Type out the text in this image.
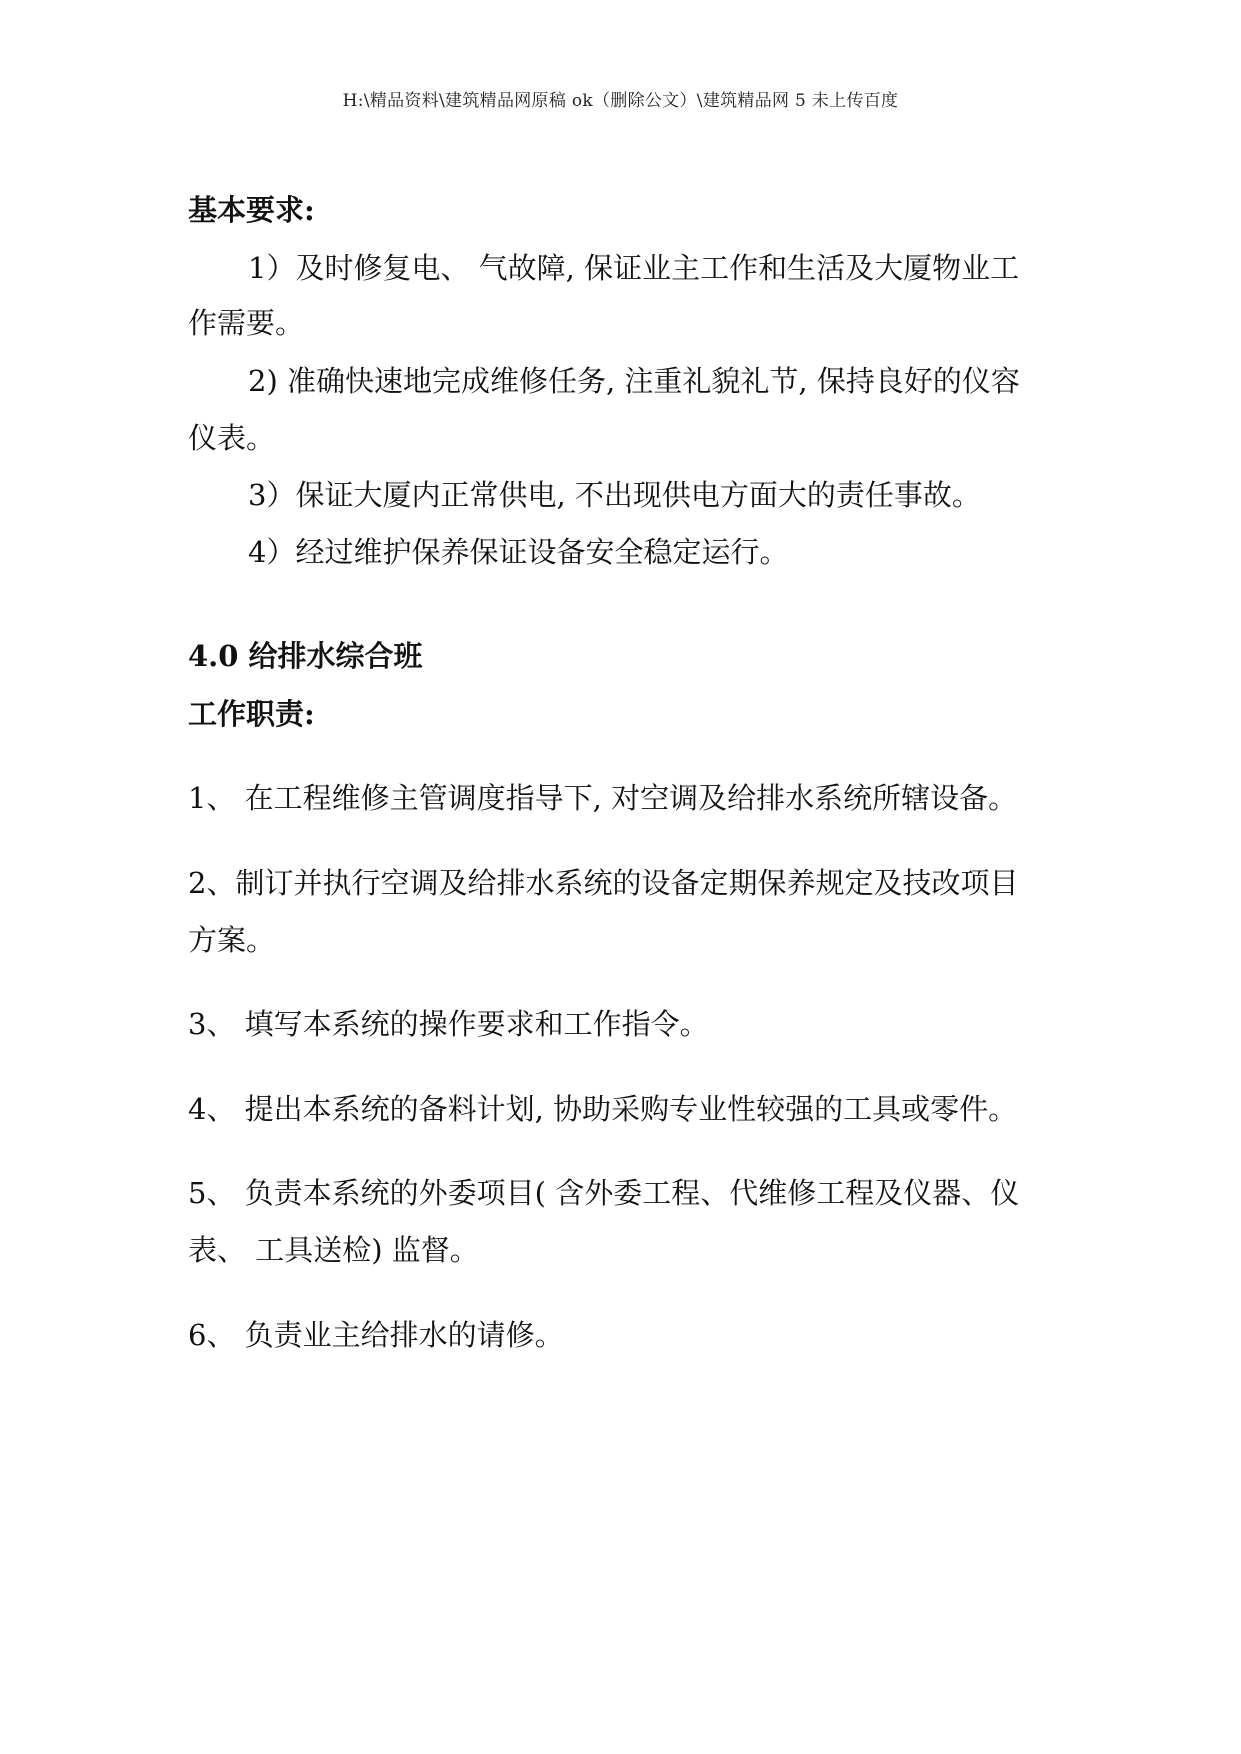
H:\精品资料\建筑精品网原稿 ok（删除公文）\建筑精品网 5 未上传百度
基本要求:
1）及时修复电、 气故障, 保证业主工作和生活及大厦物业工
作需要。
2) 准确快速地完成维修任务, 注重礼貌礼节, 保持良好的仪容
仪表。
3）保证大厦内正常供电, 不出现供电方面大的责任事故。
4）经过维护保养保证设备安全稳定运行。
4.0 给排水综合班
工作职责:
1、 在工程维修主管调度指导下, 对空调及给排水系统所辖设备。
2、制订并执行空调及给排水系统的设备定期保养规定及技改项目
方案。
3、 填写本系统的操作要求和工作指令。
4、 提出本系统的备料计划, 协助采购专业性较强的工具或零件。
5、 负责本系统的外委项目( 含外委工程、代维修工程及仪器、仪
表、 工具送检) 监督。
6、 负责业主给排水的请修。
